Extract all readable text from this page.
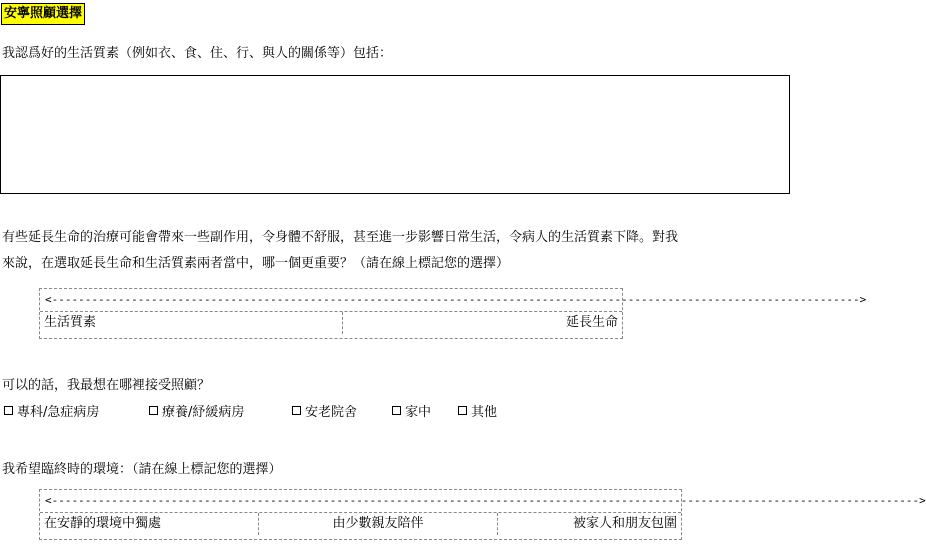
安寧照顧選擇
我認爲好的生活質素（例如衣、食、住、行、與人的關係等）包括：
有些延長生命的治療可能會帶來一些副作用，令身體不舒服，甚至進一步影響日常生活，令病人的生活質素下降。對我
來說，在選取延長生命和生活質素兩者當中，哪一個更重要？（請在線上標記您的選擇）
<-------------------------------------------------------------------------------------------------------------------------->
生活質素	延長生命
可以的話，我最想在哪裡接受照顧？
專科/急症病房	療養/紓緩病房	安老院舍	家中	其他
我希望臨終時的環境：（請在線上標記您的選擇）
<----------------------------------------------------------------------------------------------------------------------------------->
在安靜的環境中獨處	由少數親友陪伴	被家人和朋友包圍
